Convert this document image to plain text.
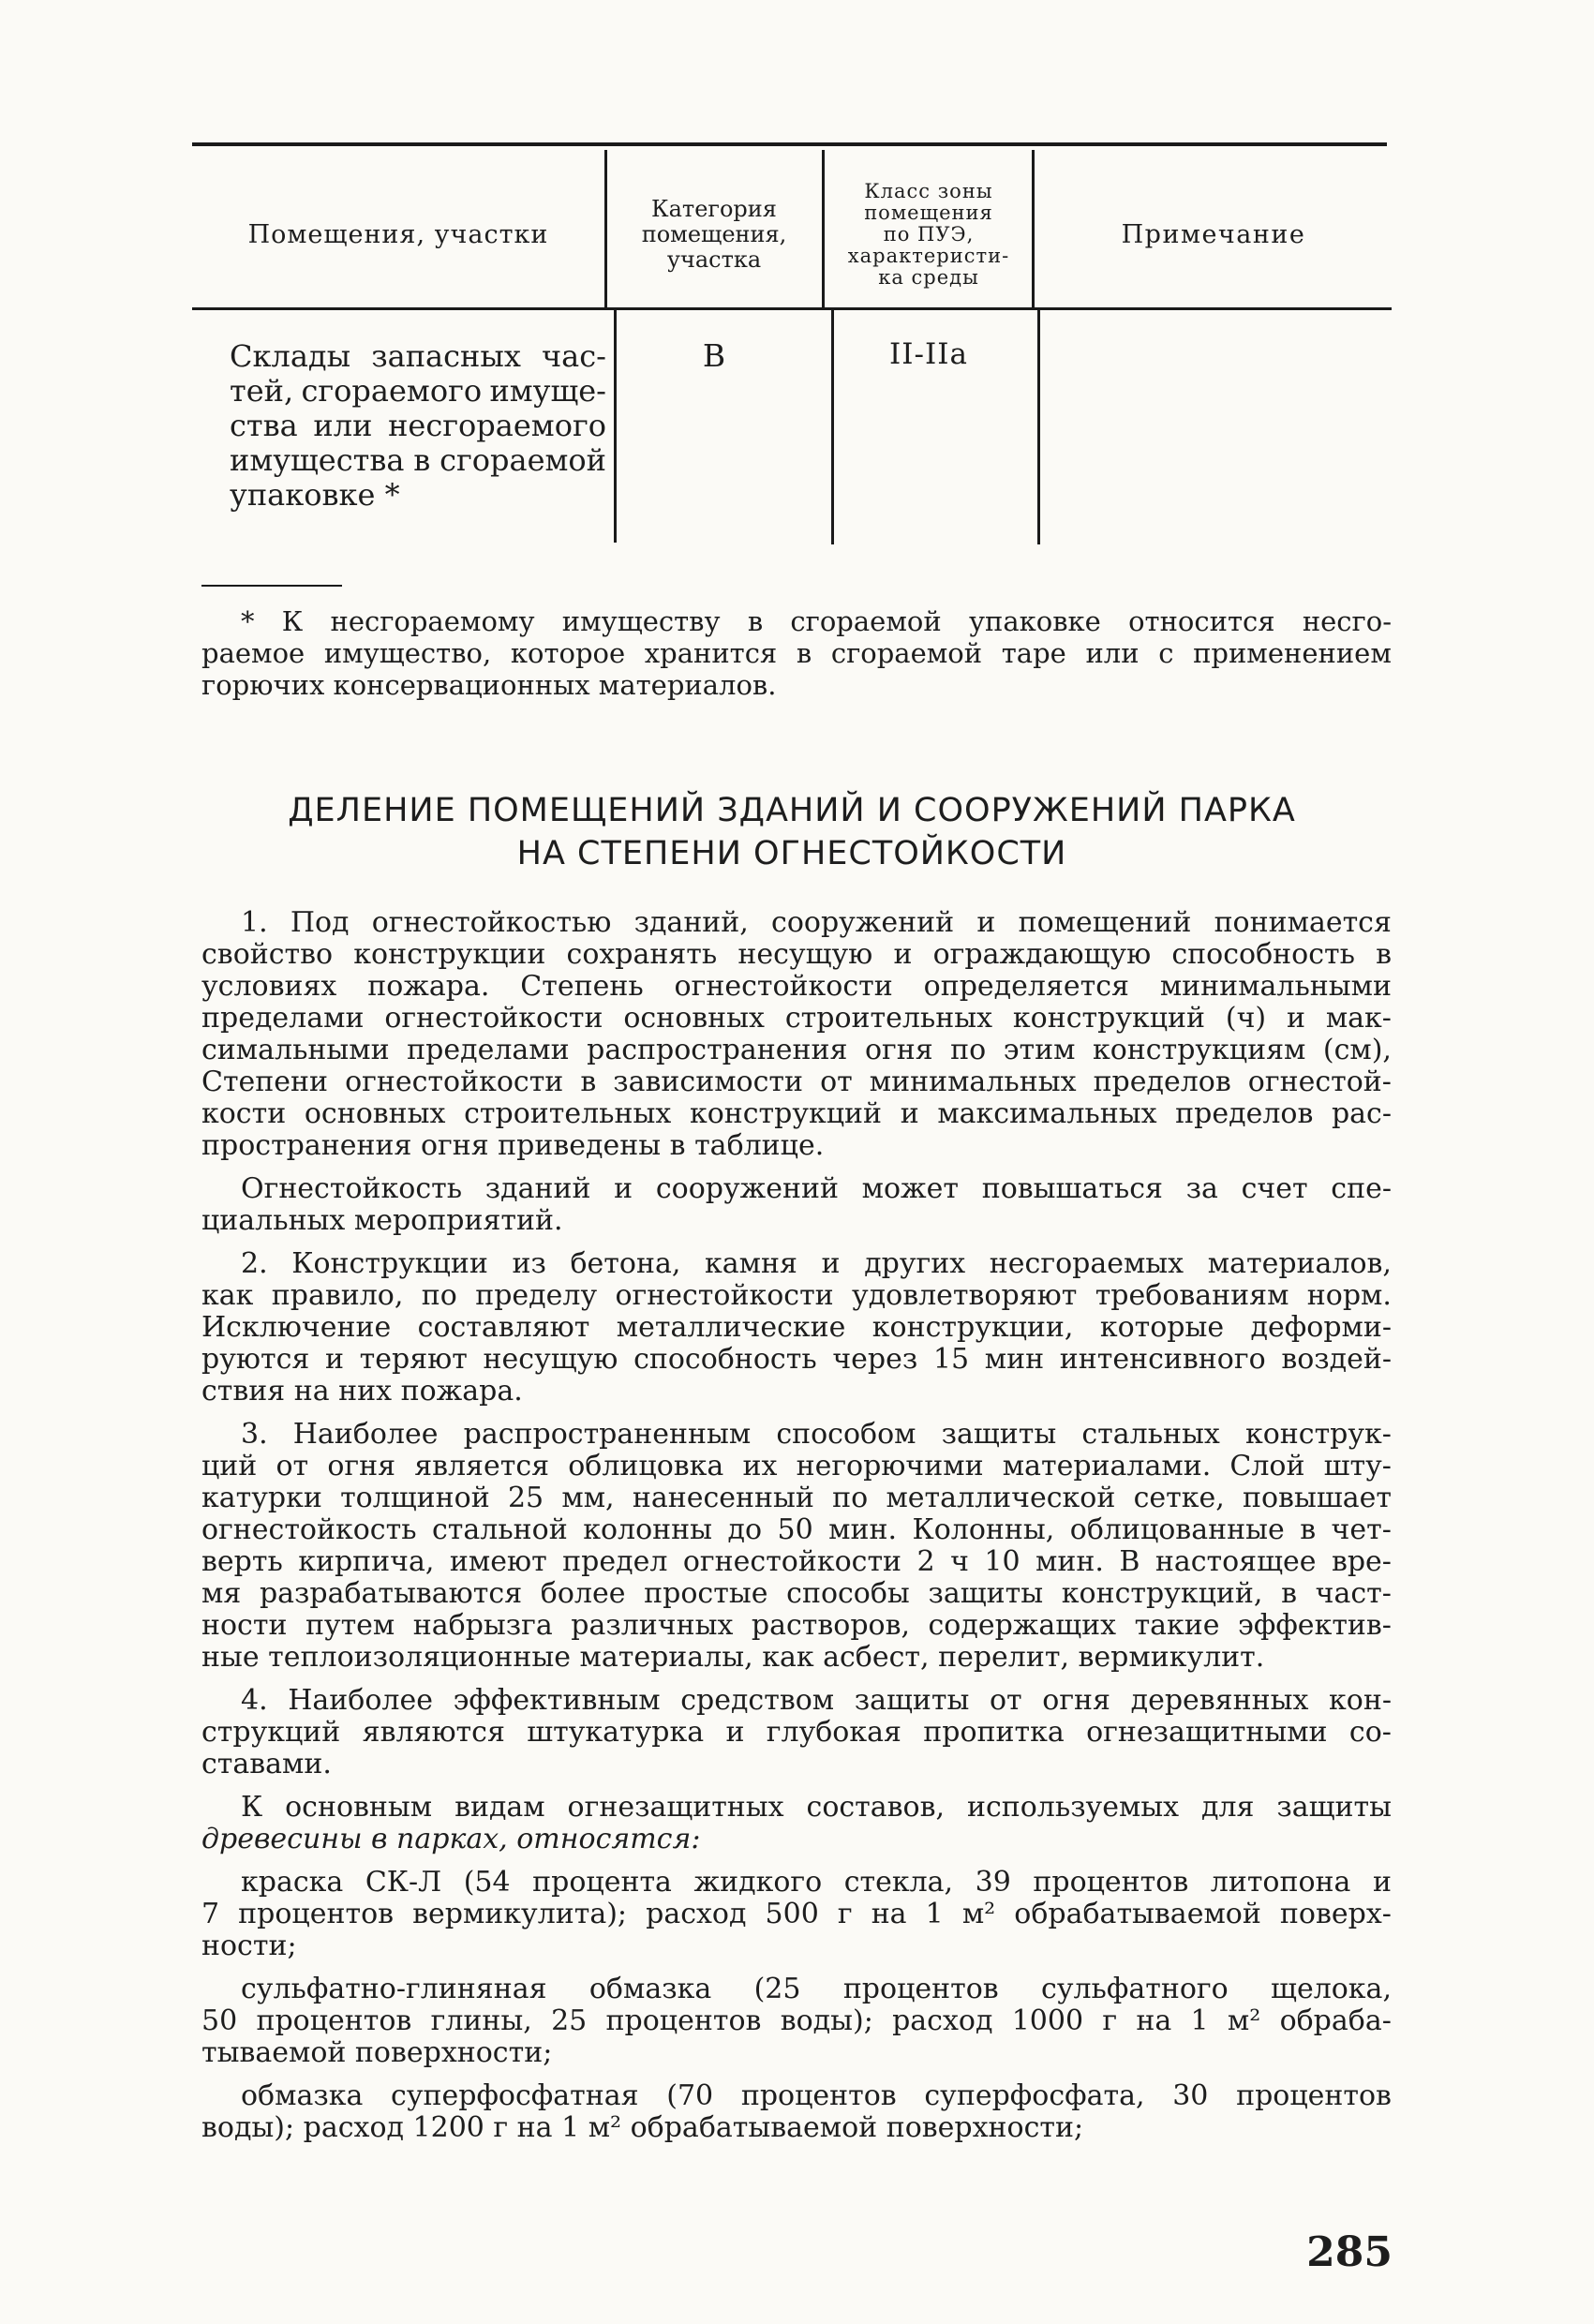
Помещения, участки
Категория
помещения,
участка
Класс зоны
помещения
по ПУЭ,
характеристи-
ка среды
Примечание
Склады запасных час-
тей, сгораемого имуще-
ства или несгораемого
имущества в сгораемой
упаковке *
В	II-IIa
* К несгораемому имуществу в сгораемой упаковке относится несго-
раемое имущество, которое хранится в сгораемой таре или с применением
горючих консервационных материалов.
ДЕЛЕНИЕ ПОМЕЩЕНИЙ ЗДАНИЙ И СООРУЖЕНИЙ ПАРКА
НА СТЕПЕНИ ОГНЕСТОЙКОСТИ
1. Под огнестойкостью зданий, сооружений и помещений понимается
свойство конструкции сохранять несущую и ограждающую способность в
условиях пожара. Степень огнестойкости определяется минимальными
пределами огнестойкости основных строительных конструкций (ч) и мак-
симальными пределами распространения огня по этим конструкциям (см),
Степени огнестойкости в зависимости от минимальных пределов огнестой-
кости основных строительных конструкций и максимальных пределов рас-
пространения огня приведены в таблице.
Огнестойкость зданий и сооружений может повышаться за счет спе-
циальных мероприятий.
2. Конструкции из бетона, камня и других несгораемых материалов,
как правило, по пределу огнестойкости удовлетворяют требованиям норм.
Исключение составляют металлические конструкции, которые деформи-
руются и теряют несущую способность через 15 мин интенсивного воздей-
ствия на них пожара.
3. Наиболее распространенным способом защиты стальных конструк-
ций от огня является облицовка их негорючими материалами. Слой шту-
катурки толщиной 25 мм, нанесенный по металлической сетке, повышает
огнестойкость стальной колонны до 50 мин. Колонны, облицованные в чет-
верть кирпича, имеют предел огнестойкости 2 ч 10 мин. В настоящее вре-
мя разрабатываются более простые способы защиты конструкций, в част-
ности путем набрызга различных растворов, содержащих такие эффектив-
ные теплоизоляционные материалы, как асбест, перелит, вермикулит.
4. Наиболее эффективным средством защиты от огня деревянных кон-
струкций являются штукатурка и глубокая пропитка огнезащитными со-
ставами.
К основным видам огнезащитных составов, используемых для защиты
древесины в парках, относятся:
краска СК-Л (54 процента жидкого стекла, 39 процентов литопона и
7 процентов вермикулита); расход 500 г на 1 м² обрабатываемой поверх-
ности;
сульфатно-глиняная обмазка (25 процентов сульфатного щелока,
50 процентов глины, 25 процентов воды); расход 1000 г на 1 м² обраба-
тываемой поверхности;
обмазка суперфосфатная (70 процентов суперфосфата, 30 процентов
воды); расход 1200 г на 1 м² обрабатываемой поверхности;
285
